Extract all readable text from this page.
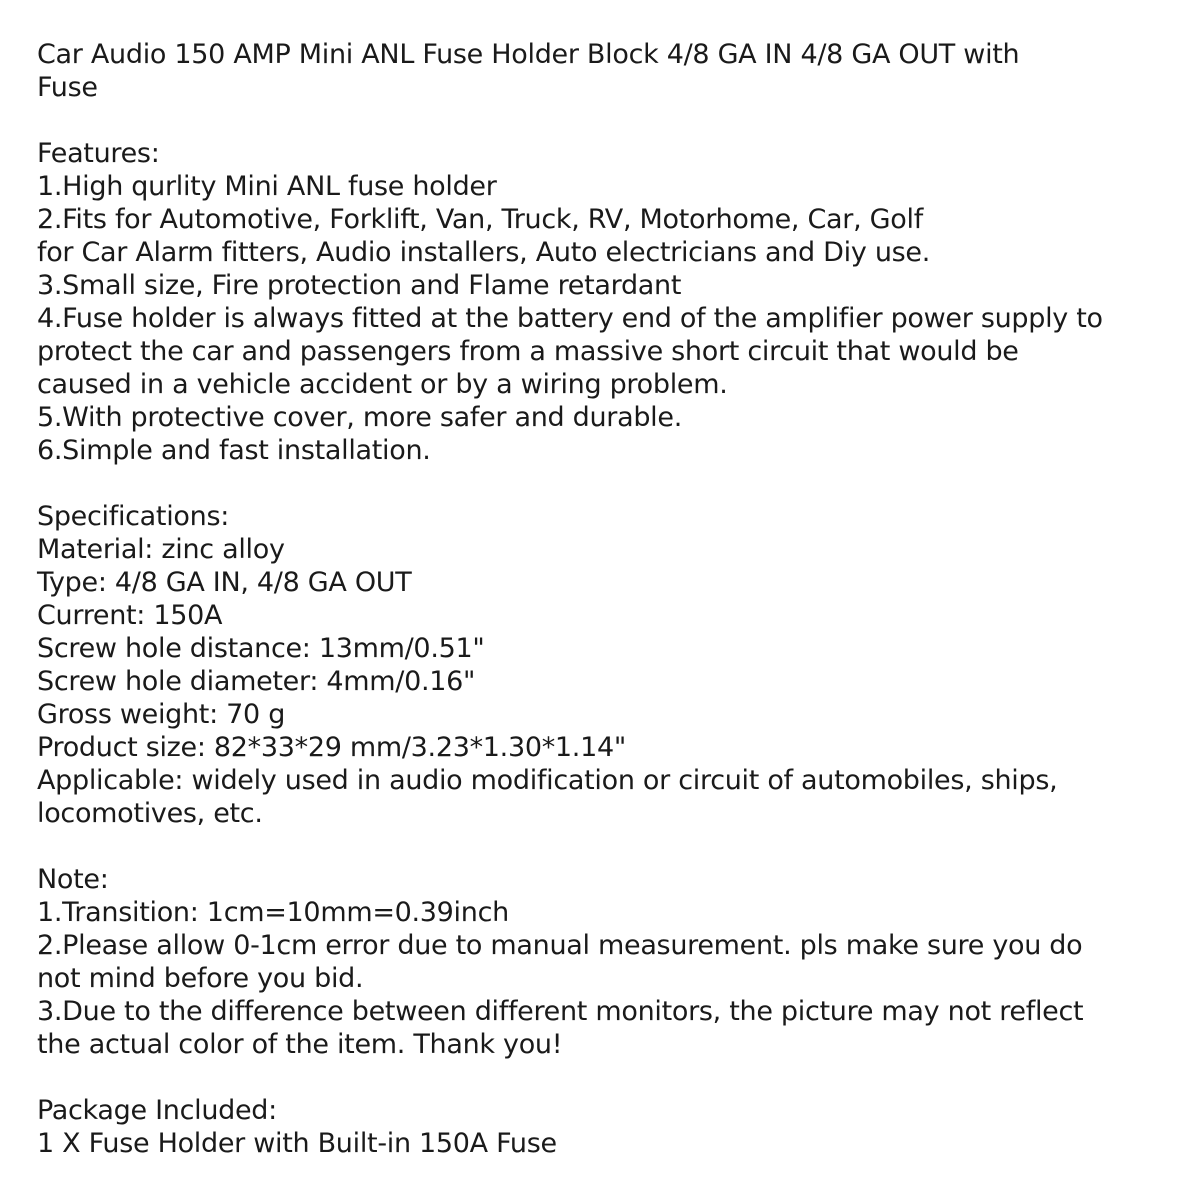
Car Audio 150 AMP Mini ANL Fuse Holder Block 4/8 GA IN 4/8 GA OUT with
Fuse
Features:
1.High qurlity Mini ANL fuse holder
2.Fits for Automotive, Forklift, Van, Truck, RV, Motorhome, Car, Golf
for Car Alarm fitters, Audio installers, Auto electricians and Diy use.
3.Small size, Fire protection and Flame retardant
4.Fuse holder is always fitted at the battery end of the amplifier power supply to
protect the car and passengers from a massive short circuit that would be
caused in a vehicle accident or by a wiring problem.
5.With protective cover, more safer and durable.
6.Simple and fast installation.
Specifications:
Material: zinc alloy
Type: 4/8 GA IN, 4/8 GA OUT
Current: 150A
Screw hole distance: 13mm/0.51"
Screw hole diameter: 4mm/0.16"
Gross weight: 70 g
Product size: 82*33*29 mm/3.23*1.30*1.14"
Applicable: widely used in audio modification or circuit of automobiles, ships,
locomotives, etc.
Note:
1.Transition: 1cm=10mm=0.39inch
2.Please allow 0-1cm error due to manual measurement. pls make sure you do
not mind before you bid.
3.Due to the difference between different monitors, the picture may not reflect
the actual color of the item. Thank you!
Package Included:
1 X Fuse Holder with Built-in 150A Fuse
